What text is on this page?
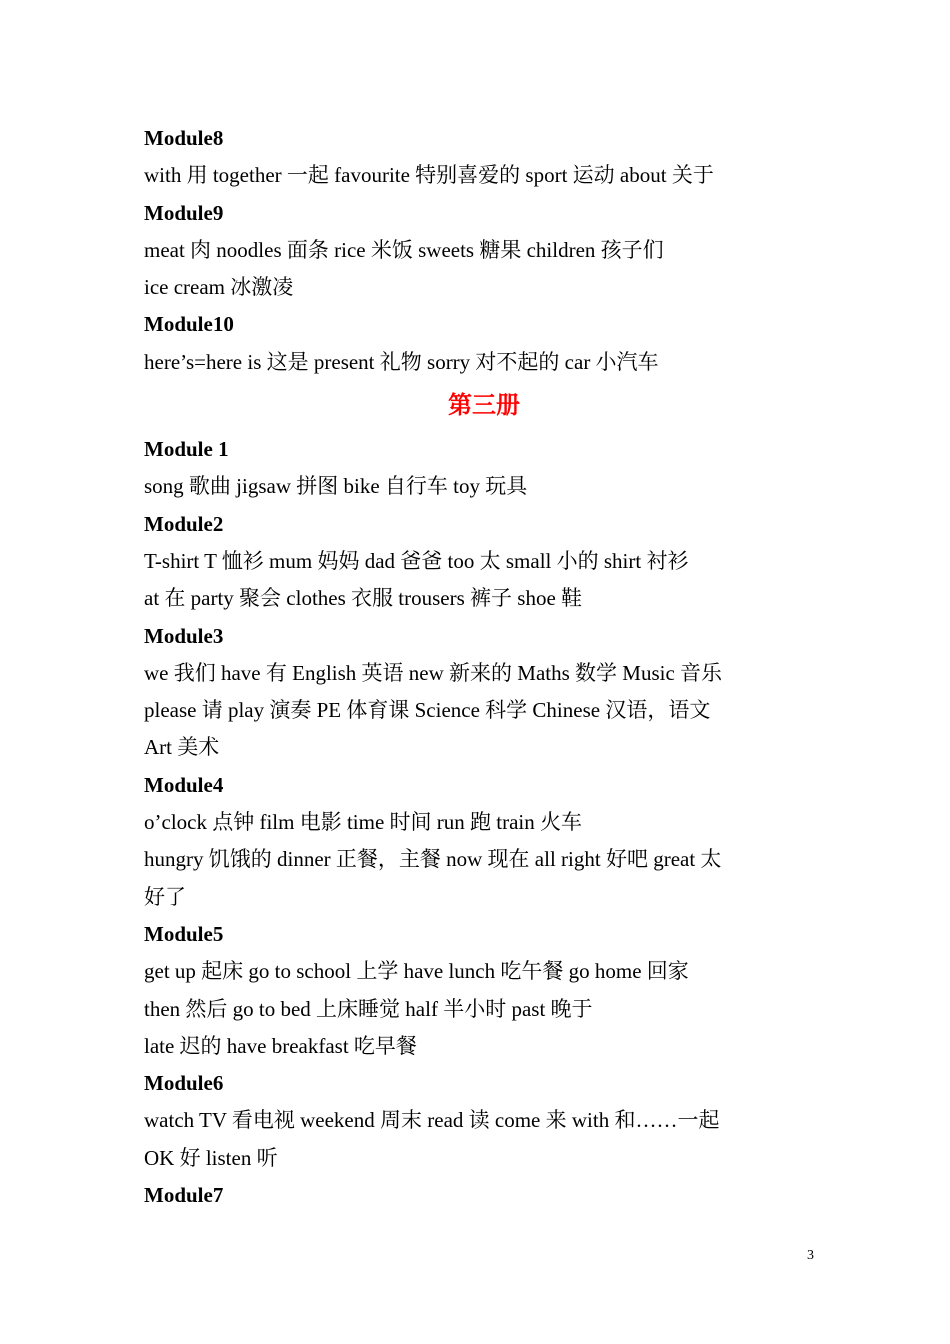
Module8
with 用 together 一起 favourite 特别喜爱的 sport 运动 about 关于
Module9
meat 肉 noodles 面条 rice 米饭 sweets 糖果 children 孩子们
ice cream 冰激凌
Module10
here’s=here is 这是 present 礼物 sorry 对不起的 car 小汽车
第三册
Module 1
song 歌曲 jigsaw 拼图 bike 自行车 toy 玩具
Module2
T-shirt T 恤衫 mum 妈妈 dad 爸爸 too 太 small 小的 shirt 衬衫
at 在 party 聚会 clothes 衣服 trousers 裤子 shoe 鞋
Module3
we 我们 have 有 English 英语 new 新来的 Maths 数学 Music 音乐
please 请 play 演奏 PE 体育课 Science 科学 Chinese 汉语，语文
Art 美术
Module4
o’clock 点钟 film 电影 time 时间 run 跑 train 火车
hungry 饥饿的 dinner 正餐，主餐 now 现在 all right 好吧 great 太
好了
Module5
get up 起床 go to school 上学 have lunch 吃午餐 go home 回家
then 然后 go to bed 上床睡觉 half 半小时 past 晚于
late 迟的 have breakfast 吃早餐
Module6
watch TV 看电视 weekend 周末 read 读 come 来 with 和……一起
OK 好 listen 听
Module7
3
